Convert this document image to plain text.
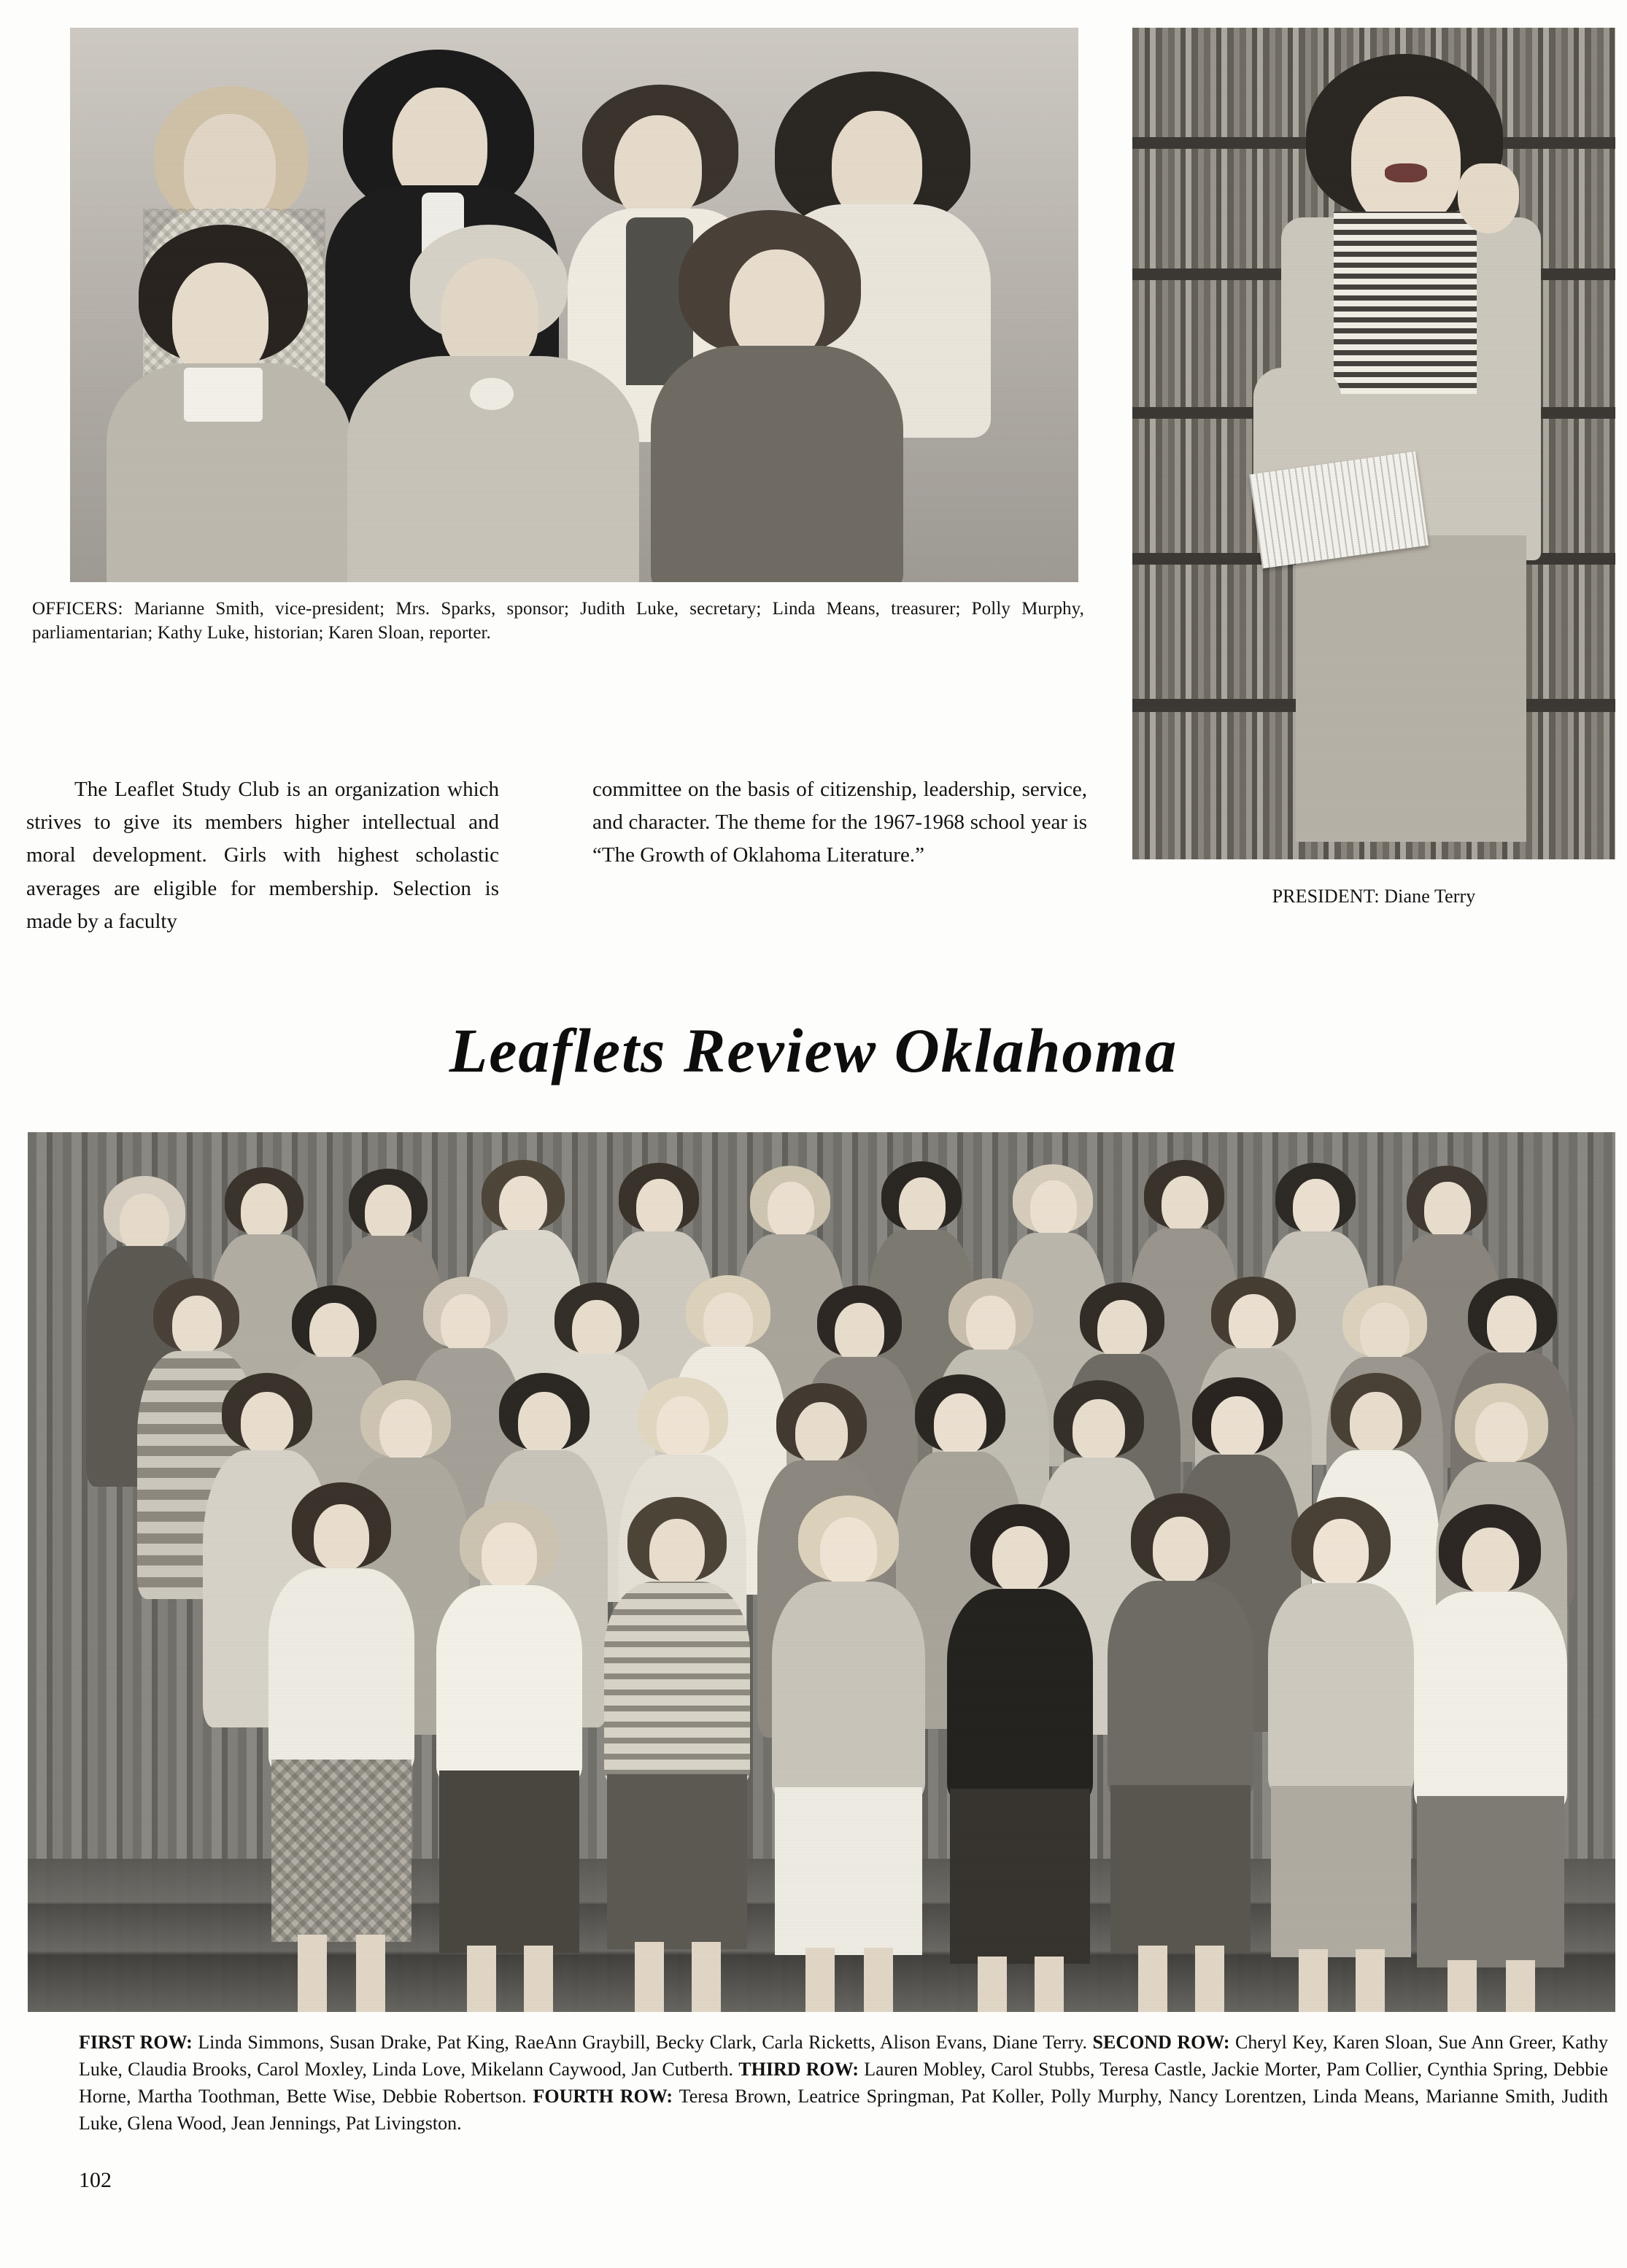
OFFICERS: Marianne Smith, vice-president; Mrs. Sparks, sponsor; Judith Luke, secretary; Linda Means, treasurer; Polly Murphy, parliamentarian; Kathy Luke, historian; Karen Sloan, reporter.
PRESIDENT: Diane Terry

The Leaflet Study Club is an organization which strives to give its members higher intellectual and moral development. Girls with highest scholastic averages are eligible for membership. Selection is made by a faculty

committee on the basis of citizenship, leadership, service, and character. The theme for the 1967-1968 school year is “The Growth of Oklahoma Literature.”

Leaflets Review Oklahoma
FIRST ROW: Linda Simmons, Susan Drake, Pat King, RaeAnn Graybill, Becky Clark, Carla Ricketts, Alison Evans, Diane Terry. SECOND ROW: Cheryl Key, Karen Sloan, Sue Ann Greer, Kathy Luke, Claudia Brooks, Carol Moxley, Linda Love, Mikelann Caywood, Jan Cutberth. THIRD ROW: Lauren Mobley, Carol Stubbs, Teresa Castle, Jackie Morter, Pam Collier, Cynthia Spring, Debbie Horne, Martha Toothman, Bette Wise, Debbie Robertson. FOURTH ROW: Teresa Brown, Leatrice Springman, Pat Koller, Polly Murphy, Nancy Lorentzen, Linda Means, Marianne Smith, Judith Luke, Glena Wood, Jean Jennings, Pat Livingston.
102
